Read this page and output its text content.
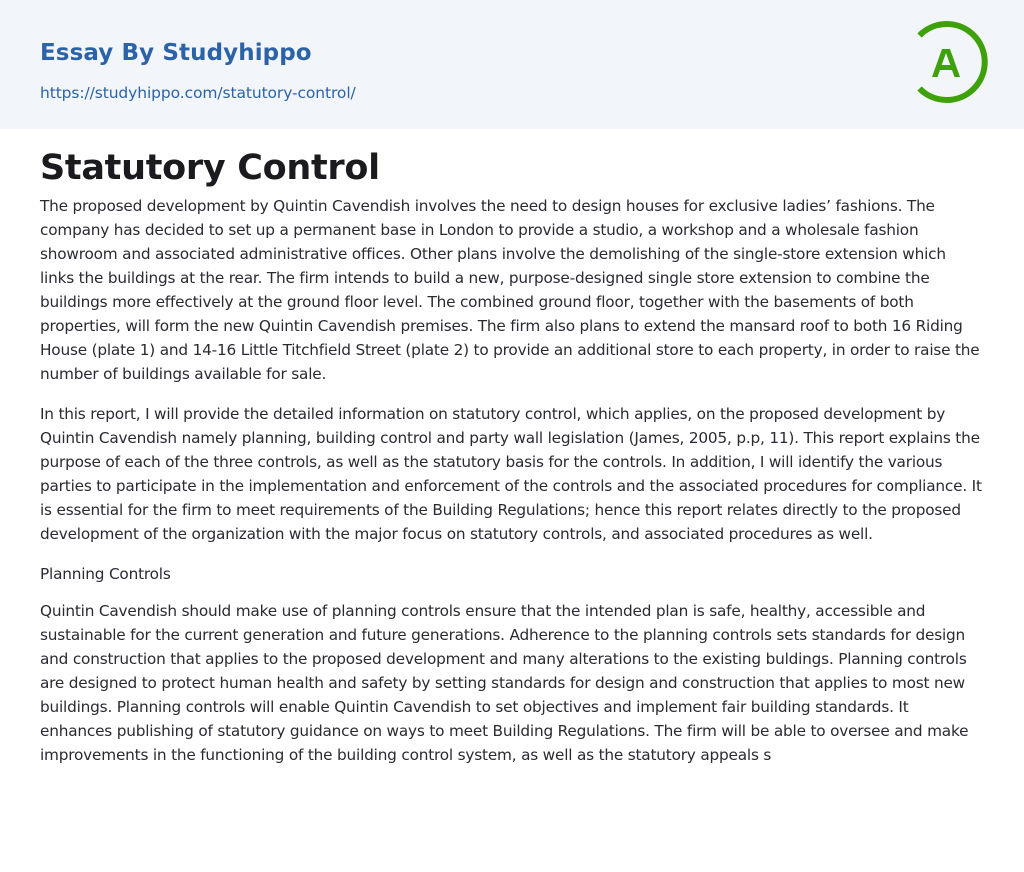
Essay By Studyhippo
https://studyhippo.com/statutory-control/
Statutory Control

The proposed development by Quintin Cavendish involves the need to design houses for exclusive ladies’ fashions. The company has decided to set up a permanent base in London to provide a studio, a workshop and a wholesale fashion showroom and associated administrative offices. Other plans involve the demolishing of the single-store extension which links the buildings at the rear. The firm intends to build a new, purpose-designed single store extension to combine the buildings more effectively at the ground floor level. The combined ground floor, together with the basements of both properties, will form the new Quintin Cavendish premises. The firm also plans to extend the mansard roof to both 16 Riding House (plate 1) and 14-16 Little Titchfield Street (plate 2) to provide an additional store to each property, in order to raise the number of buildings available for sale.

In this report, I will provide the detailed information on statutory control, which applies, on the proposed development by Quintin Cavendish namely planning, building control and party wall legislation (James, 2005, p.p, 11). This report explains the purpose of each of the three controls, as well as the statutory basis for the controls. In addition, I will identify the various parties to participate in the implementation and enforcement of the controls and the associated procedures for compliance. It is essential for the firm to meet requirements of the Building Regulations; hence this report relates directly to the proposed development of the organization with the major focus on statutory controls, and associated procedures as well.

Planning Controls

Quintin Cavendish should make use of planning controls ensure that the intended plan is safe, healthy, accessible and sustainable for the current generation and future generations. Adherence to the planning controls sets standards for design and construction that applies to the proposed development and many alterations to the existing buldings. Planning controls are designed to protect human health and safety by setting standards for design and construction that applies to most new buildings. Planning controls will enable Quintin Cavendish to set objectives and implement fair building standards. It enhances publishing of statutory guidance on ways to meet Building Regulations. The firm will be able to oversee and make improvements in the functioning of the building control system, as well as the statutory appeals s
